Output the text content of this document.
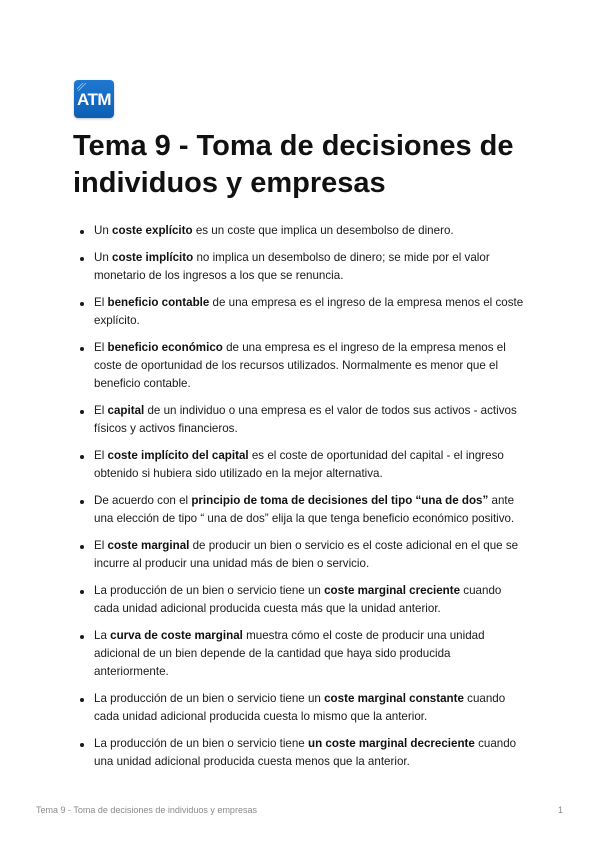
ATM
Tema 9 - Toma de decisiones de individuos y empresas
Un coste explícito es un coste que implica un desembolso de dinero.
Un coste implícito no implica un desembolso de dinero; se mide por el valor monetario de los ingresos a los que se renuncia.
El beneficio contable de una empresa es el ingreso de la empresa menos el coste explícito.
El beneficio económico de una empresa es el ingreso de la empresa menos el coste de oportunidad de los recursos utilizados. Normalmente es menor que el beneficio contable.
El capital de un individuo o una empresa es el valor de todos sus activos - activos físicos y activos financieros.
El coste implícito del capital es el coste de oportunidad del capital - el ingreso obtenido si hubiera sido utilizado en la mejor alternativa.
De acuerdo con el principio de toma de decisiones del tipo “una de dos” ante una elección de tipo “ una de dos” elija la que tenga beneficio económico positivo.
El coste marginal de producir un bien o servicio es el coste adicional en el que se incurre al producir una unidad más de bien o servicio.
La producción de un bien o servicio tiene un coste marginal creciente cuando cada unidad adicional producida cuesta más que la unidad anterior.
La curva de coste marginal muestra cómo el coste de producir una unidad adicional de un bien depende de la cantidad que haya sido producida anteriormente.
La producción de un bien o servicio tiene un coste marginal constante cuando cada unidad adicional producida cuesta lo mismo que la anterior.
La producción de un bien o servicio tiene un coste marginal decreciente cuando una unidad adicional producida cuesta menos que la anterior.
Tema 9 - Toma de decisiones de individuos y empresas	1
